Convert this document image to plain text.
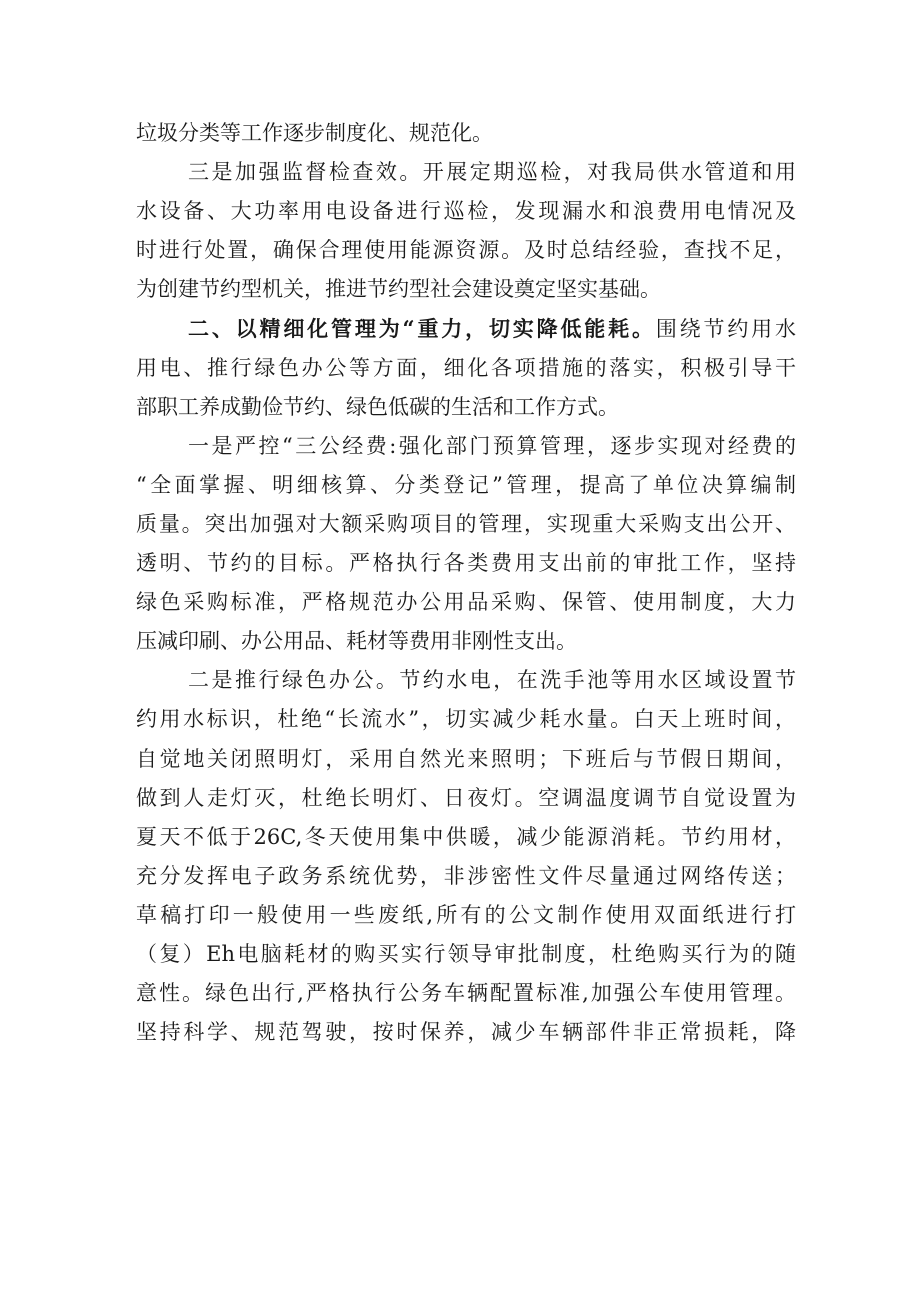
垃圾分类等工作逐步制度化、规范化。
三是加强监督检查效。开展定期巡检，对我局供水管道和用
水设备、大功率用电设备进行巡检，发现漏水和浪费用电情况及
时进行处置，确保合理使用能源资源。及时总结经验，查找不足，
为创建节约型机关，推进节约型社会建设奠定坚实基础。
二、以精细化管理为“重力，切实降低能耗。围绕节约用水
用电、推行绿色办公等方面，细化各项措施的落实，积极引导干
部职工养成勤俭节约、绿色低碳的生活和工作方式。
一是严控“三公经费:强化部门预算管理，逐步实现对经费的
“全面掌握、明细核算、分类登记”管理，提高了单位决算编制
质量。突出加强对大额采购项目的管理，实现重大采购支出公开、
透明、节约的目标。严格执行各类费用支出前的审批工作，坚持
绿色采购标准，严格规范办公用品采购、保管、使用制度，大力
压减印刷、办公用品、耗材等费用非刚性支出。
二是推行绿色办公。节约水电，在洗手池等用水区域设置节
约用水标识，杜绝“长流水”，切实减少耗水量。白天上班时间，
自觉地关闭照明灯，采用自然光来照明；下班后与节假日期间，
做到人走灯灭，杜绝长明灯、日夜灯。空调温度调节自觉设置为
夏天不低于26C,冬天使用集中供暖，减少能源消耗。节约用材，
充分发挥电子政务系统优势，非涉密性文件尽量通过网络传送；
草稿打印一般使用一些废纸,所有的公文制作使用双面纸进行打
（复）Eh电脑耗材的购买实行领导审批制度，杜绝购买行为的随
意性。绿色出行,严格执行公务车辆配置标准,加强公车使用管理。
坚持科学、规范驾驶，按时保养，减少车辆部件非正常损耗，降
